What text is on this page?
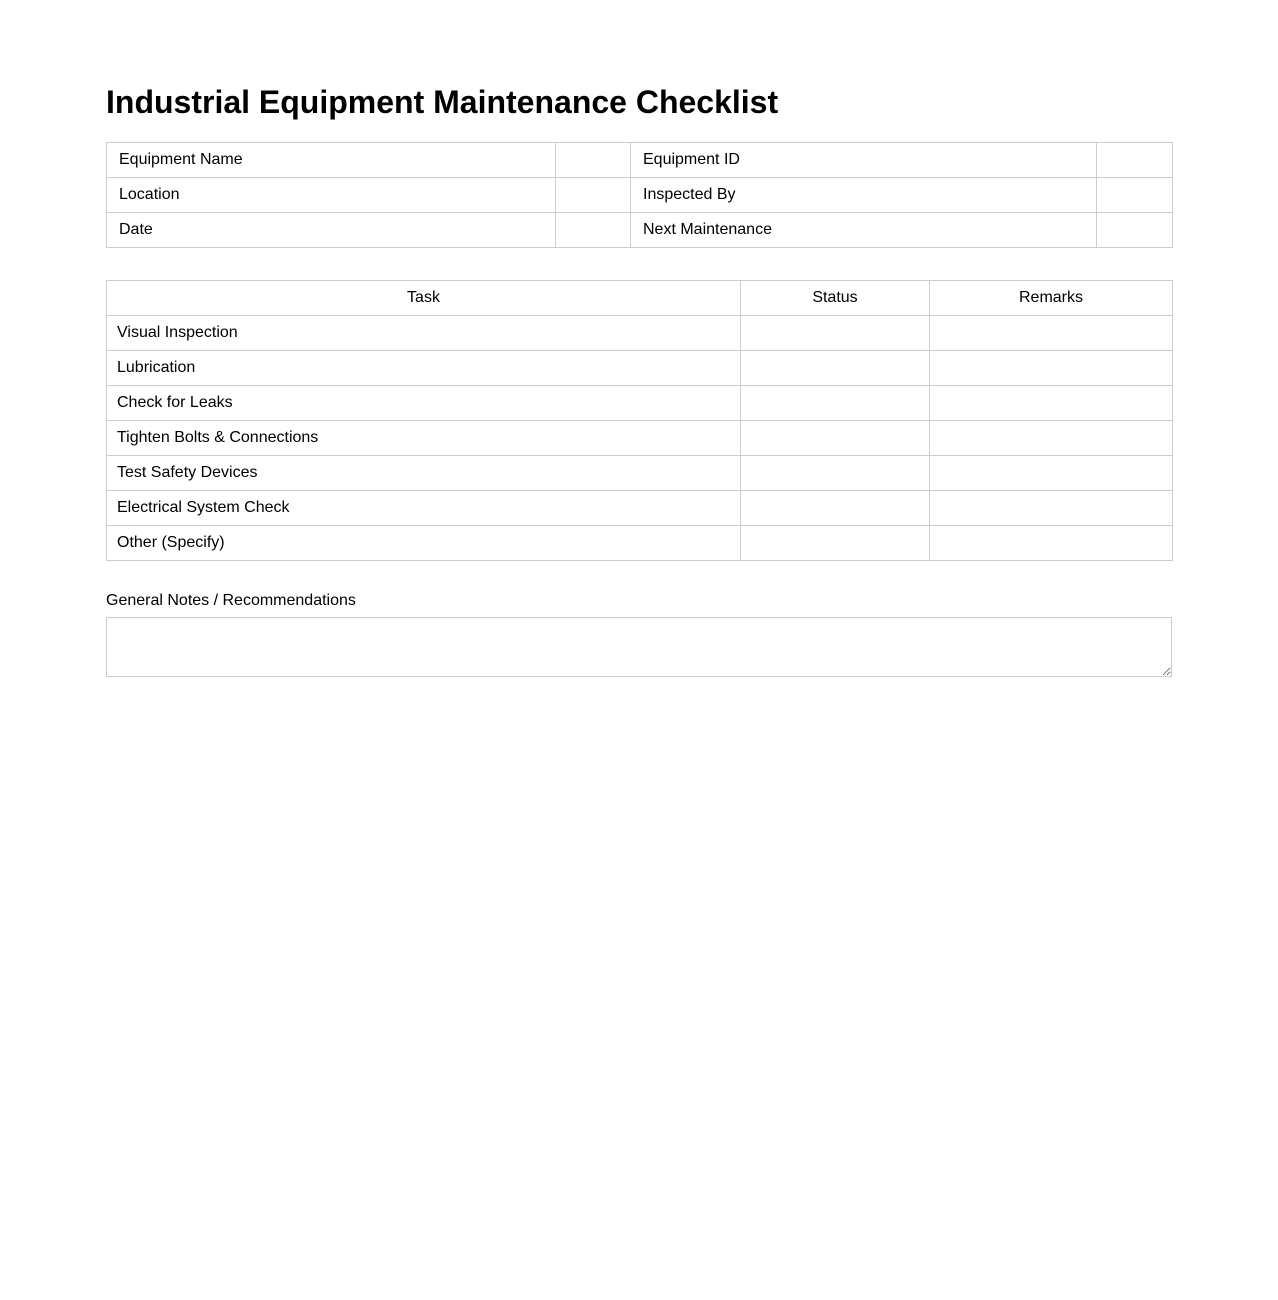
Industrial Equipment Maintenance Checklist
Equipment Name		Equipment ID	
Location		Inspected By	
Date		Next Maintenance	
Task	Status	Remarks
Visual Inspection		
Lubrication		
Check for Leaks		
Tighten Bolts & Connections		
Test Safety Devices		
Electrical System Check		
Other (Specify)		
General Notes / Recommendations
